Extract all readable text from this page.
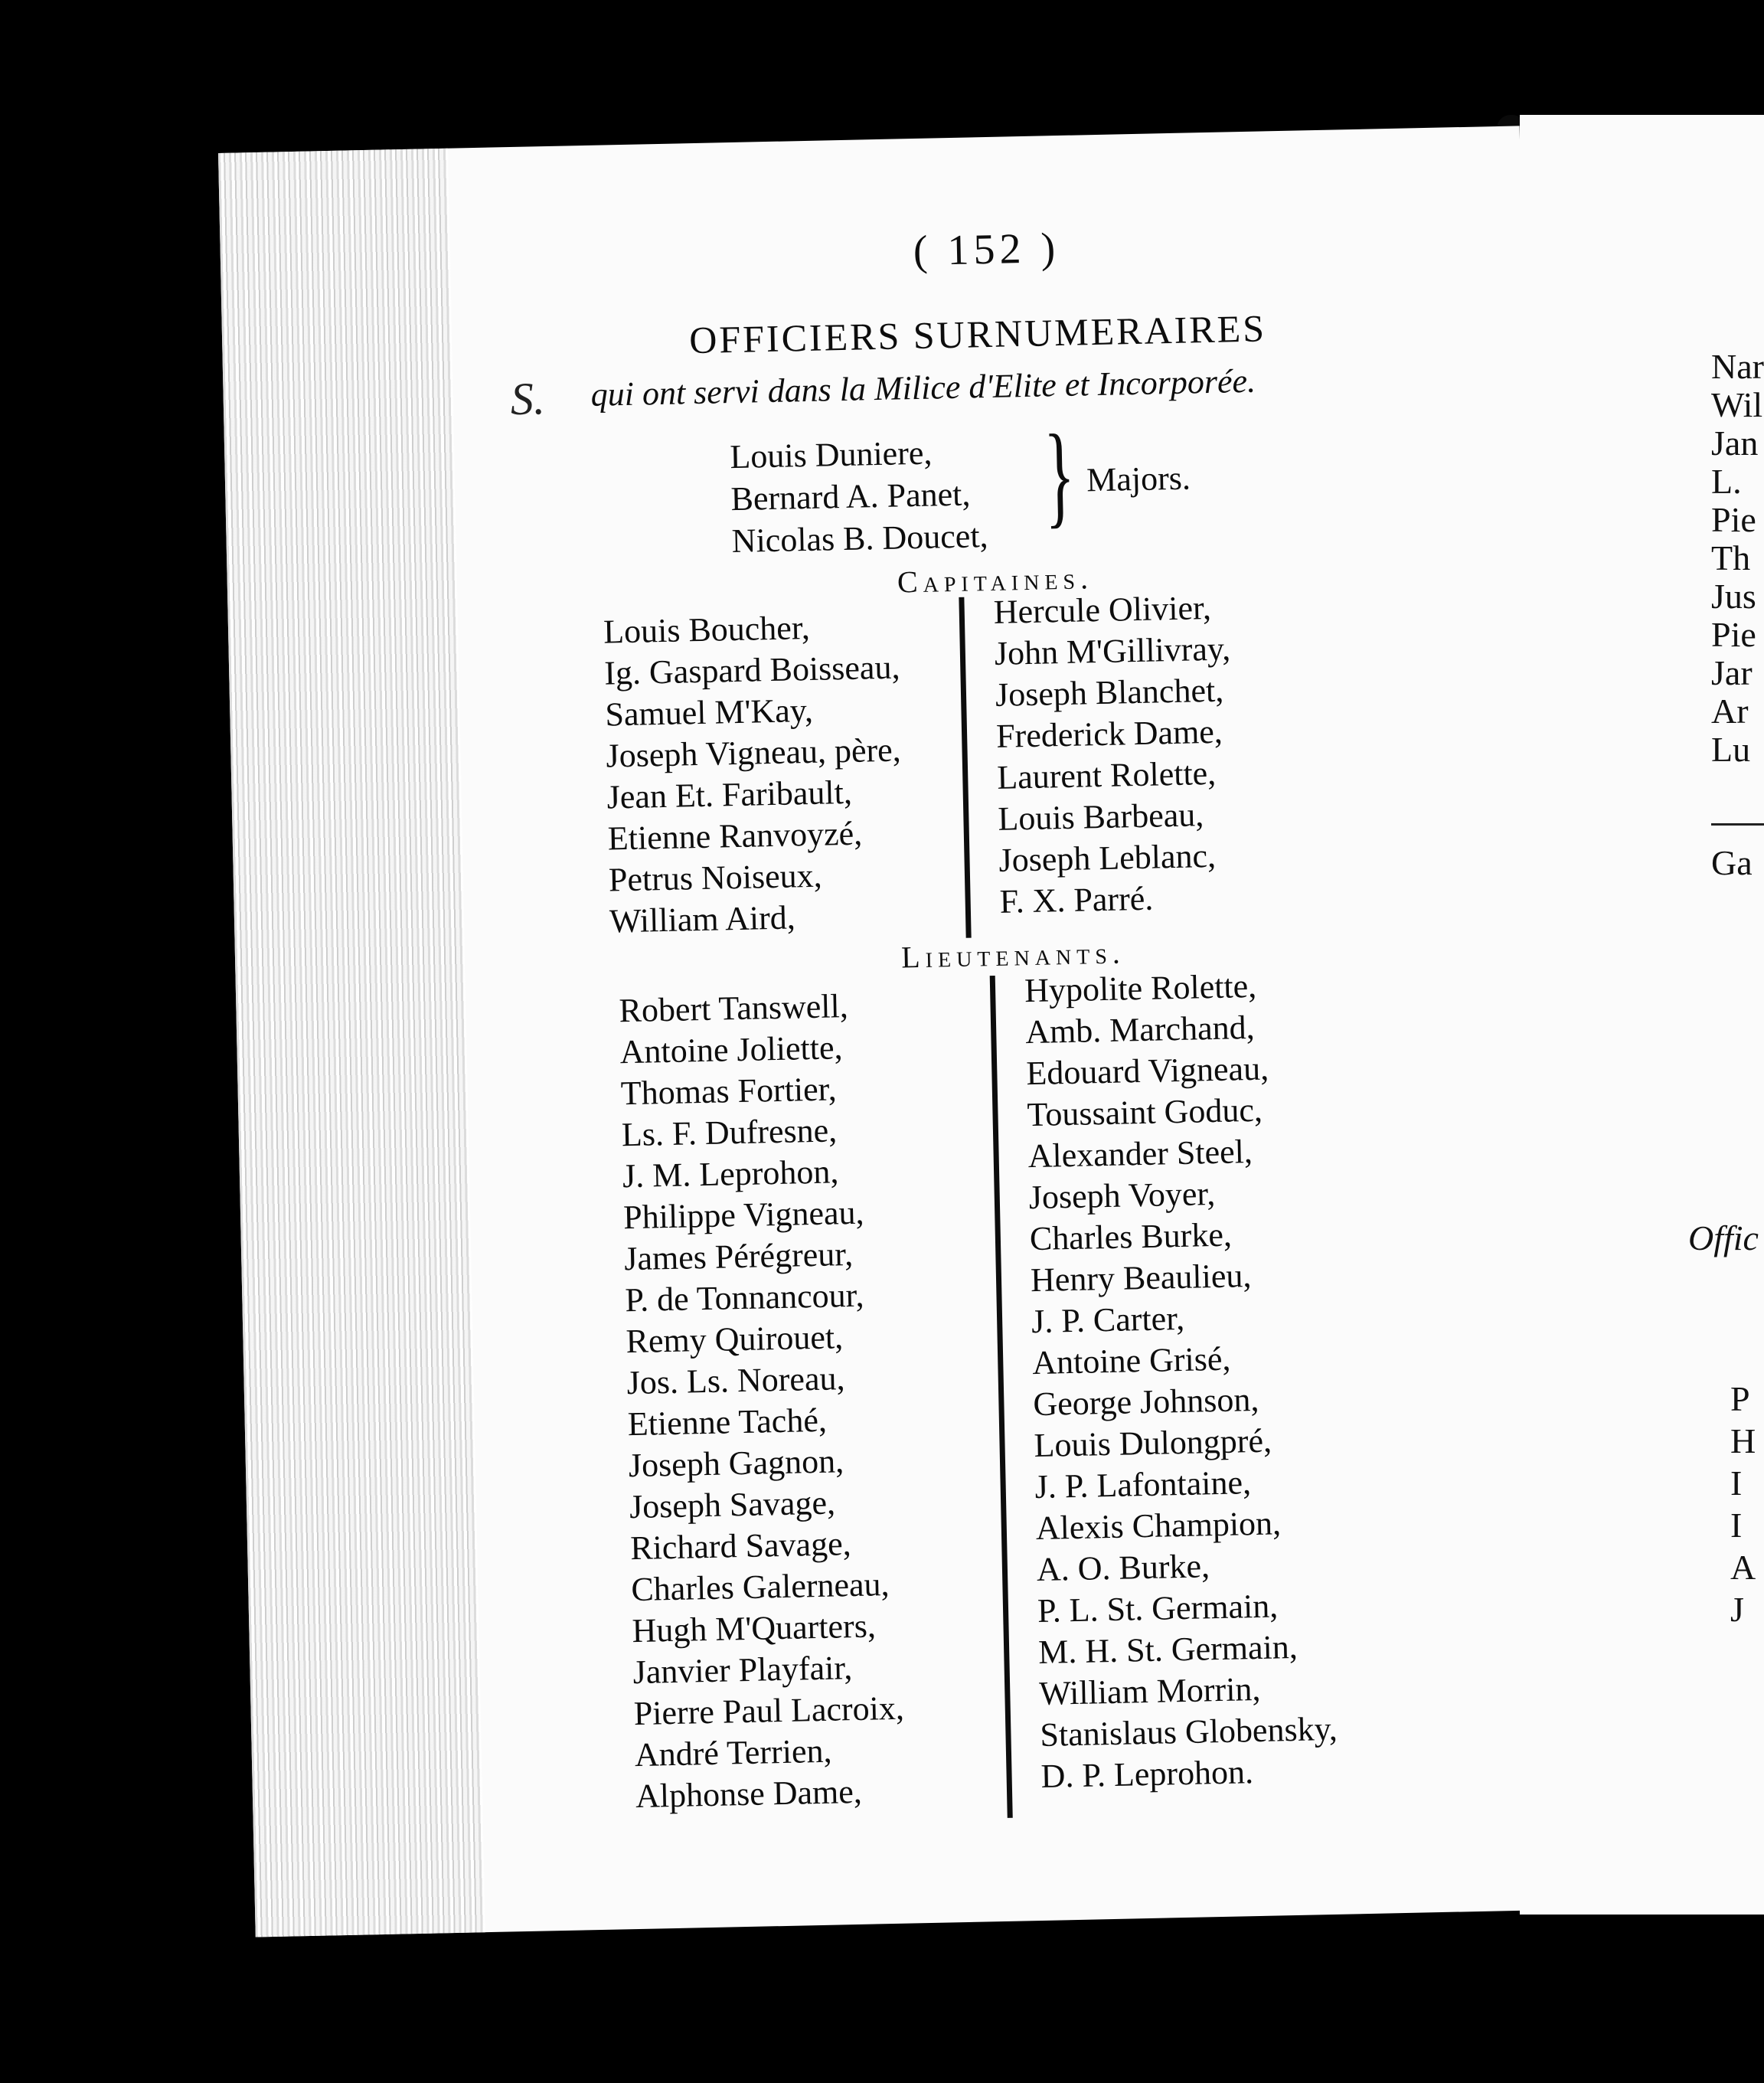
Nar
Wil
Jan
L.
Pie
Th
Jus
Pie
Jar
Ar
Lu
Ga
Offic
P
H
I
I
A
J
( 152 )
OFFICIERS SURNUMERAIRES
S. qui ont servi dans la Milice d'Elite et Incorporée.
Louis Duniere,
Bernard A. Panet,
Nicolas B. Doucet, } Majors.
Capitaines.
Louis Boucher,
Ig. Gaspard Boisseau,
Samuel M'Kay,
Joseph Vigneau, père,
Jean Et. Faribault,
Etienne Ranvoyzé,
Petrus Noiseux,
William Aird,
Hercule Olivier,
John M'Gillivray,
Joseph Blanchet,
Frederick Dame,
Laurent Rolette,
Louis Barbeau,
Joseph Leblanc,
F. X. Parré.
Lieutenants.
Robert Tanswell,
Antoine Joliette,
Thomas Fortier,
Ls. F. Dufresne,
J. M. Leprohon,
Philippe Vigneau,
James Pérégreur,
P. de Tonnancour,
Remy Quirouet,
Jos. Ls. Noreau,
Etienne Taché,
Joseph Gagnon,
Joseph Savage,
Richard Savage,
Charles Galerneau,
Hugh M'Quarters,
Janvier Playfair,
Pierre Paul Lacroix,
André Terrien,
Alphonse Dame,
Hypolite Rolette,
Amb. Marchand,
Edouard Vigneau,
Toussaint Goduc,
Alexander Steel,
Joseph Voyer,
Charles Burke,
Henry Beaulieu,
J. P. Carter,
Antoine Grisé,
George Johnson,
Louis Dulongpré,
J. P. Lafontaine,
Alexis Champion,
A. O. Burke,
P. L. St. Germain,
M. H. St. Germain,
William Morrin,
Stanislaus Globensky,
D. P. Leprohon.
